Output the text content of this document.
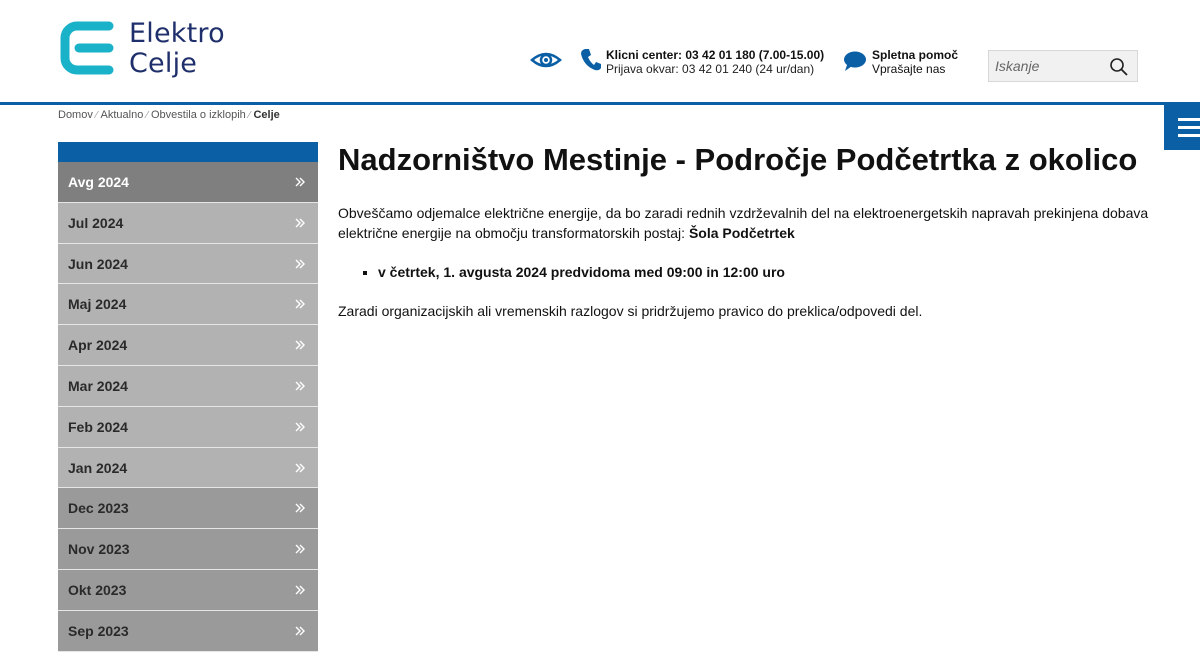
Elektro
Celje	Klicni center: 03 42 01 180 (7.00-15.00)
Prijava okvar: 03 42 01 240 (24 ur/dan)
Spletna pomoč
Vprašajte nas
Iskanje
Domov ⁄ Aktualno ⁄ Obvestila o izklopih ⁄ Celje
Avg 2024
Jul 2024
Jun 2024
Maj 2024
Apr 2024
Mar 2024
Feb 2024
Jan 2024
Dec 2023
Nov 2023
Okt 2023
Sep 2023
Nadzorništvo Mestinje - Področje Podčetrtka z okolico

Obveščamo odjemalce električne energije, da bo zaradi rednih vzdrževalnih del na elektroenergetskih napravah prekinjena dobava električne energije na območju transformatorskih postaj: Šola Podčetrtek

▪ v četrtek, 1. avgusta 2024 predvidoma med 09:00 in 12:00 uro

Zaradi organizacijskih ali vremenskih razlogov si pridržujemo pravico do preklica/odpovedi del.
